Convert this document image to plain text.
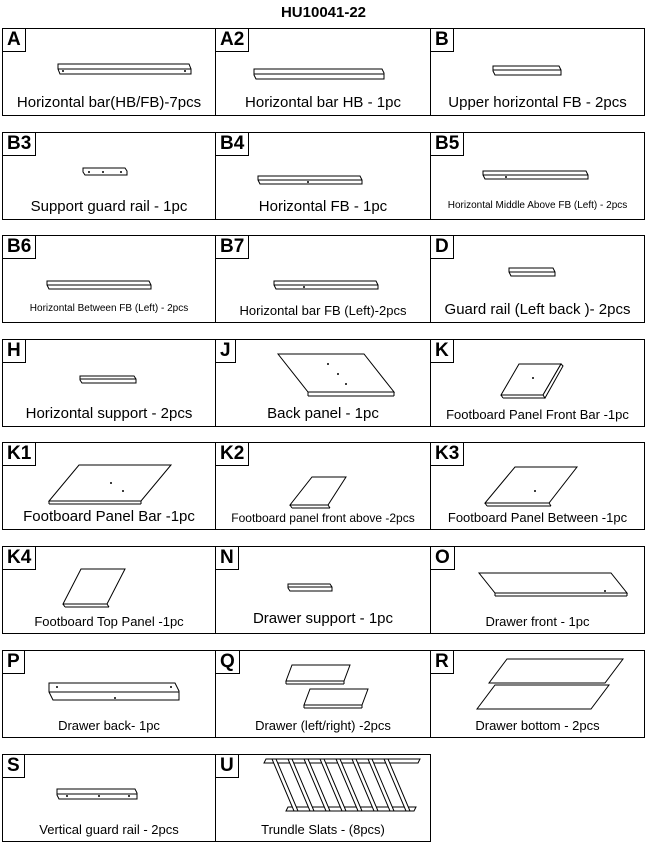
HU10041-22
A
Horizontal bar(HB/FB)-7pcs
A2
Horizontal bar HB - 1pc
B
Upper horizontal FB - 2pcs
B3
Support guard rail - 1pc
B4
Horizontal FB - 1pc
B5
Horizontal Middle Above FB (Left) - 2pcs
B6
Horizontal Between FB (Left) - 2pcs
B7
Horizontal bar FB (Left)-2pcs
D
Guard rail (Left back )- 2pcs
H
Horizontal support - 2pcs
J
Back panel - 1pc
K
Footboard Panel Front Bar -1pc
K1
Footboard Panel Bar -1pc
K2
Footboard panel front above -2pcs
K3
Footboard Panel Between -1pc
K4
Footboard Top Panel -1pc
N
Drawer support - 1pc
O
Drawer front - 1pc
P
Drawer back- 1pc
Q
Drawer (left/right) -2pcs
R
Drawer bottom - 2pcs
S
Vertical guard rail - 2pcs
U
Trundle Slats - (8pcs)
